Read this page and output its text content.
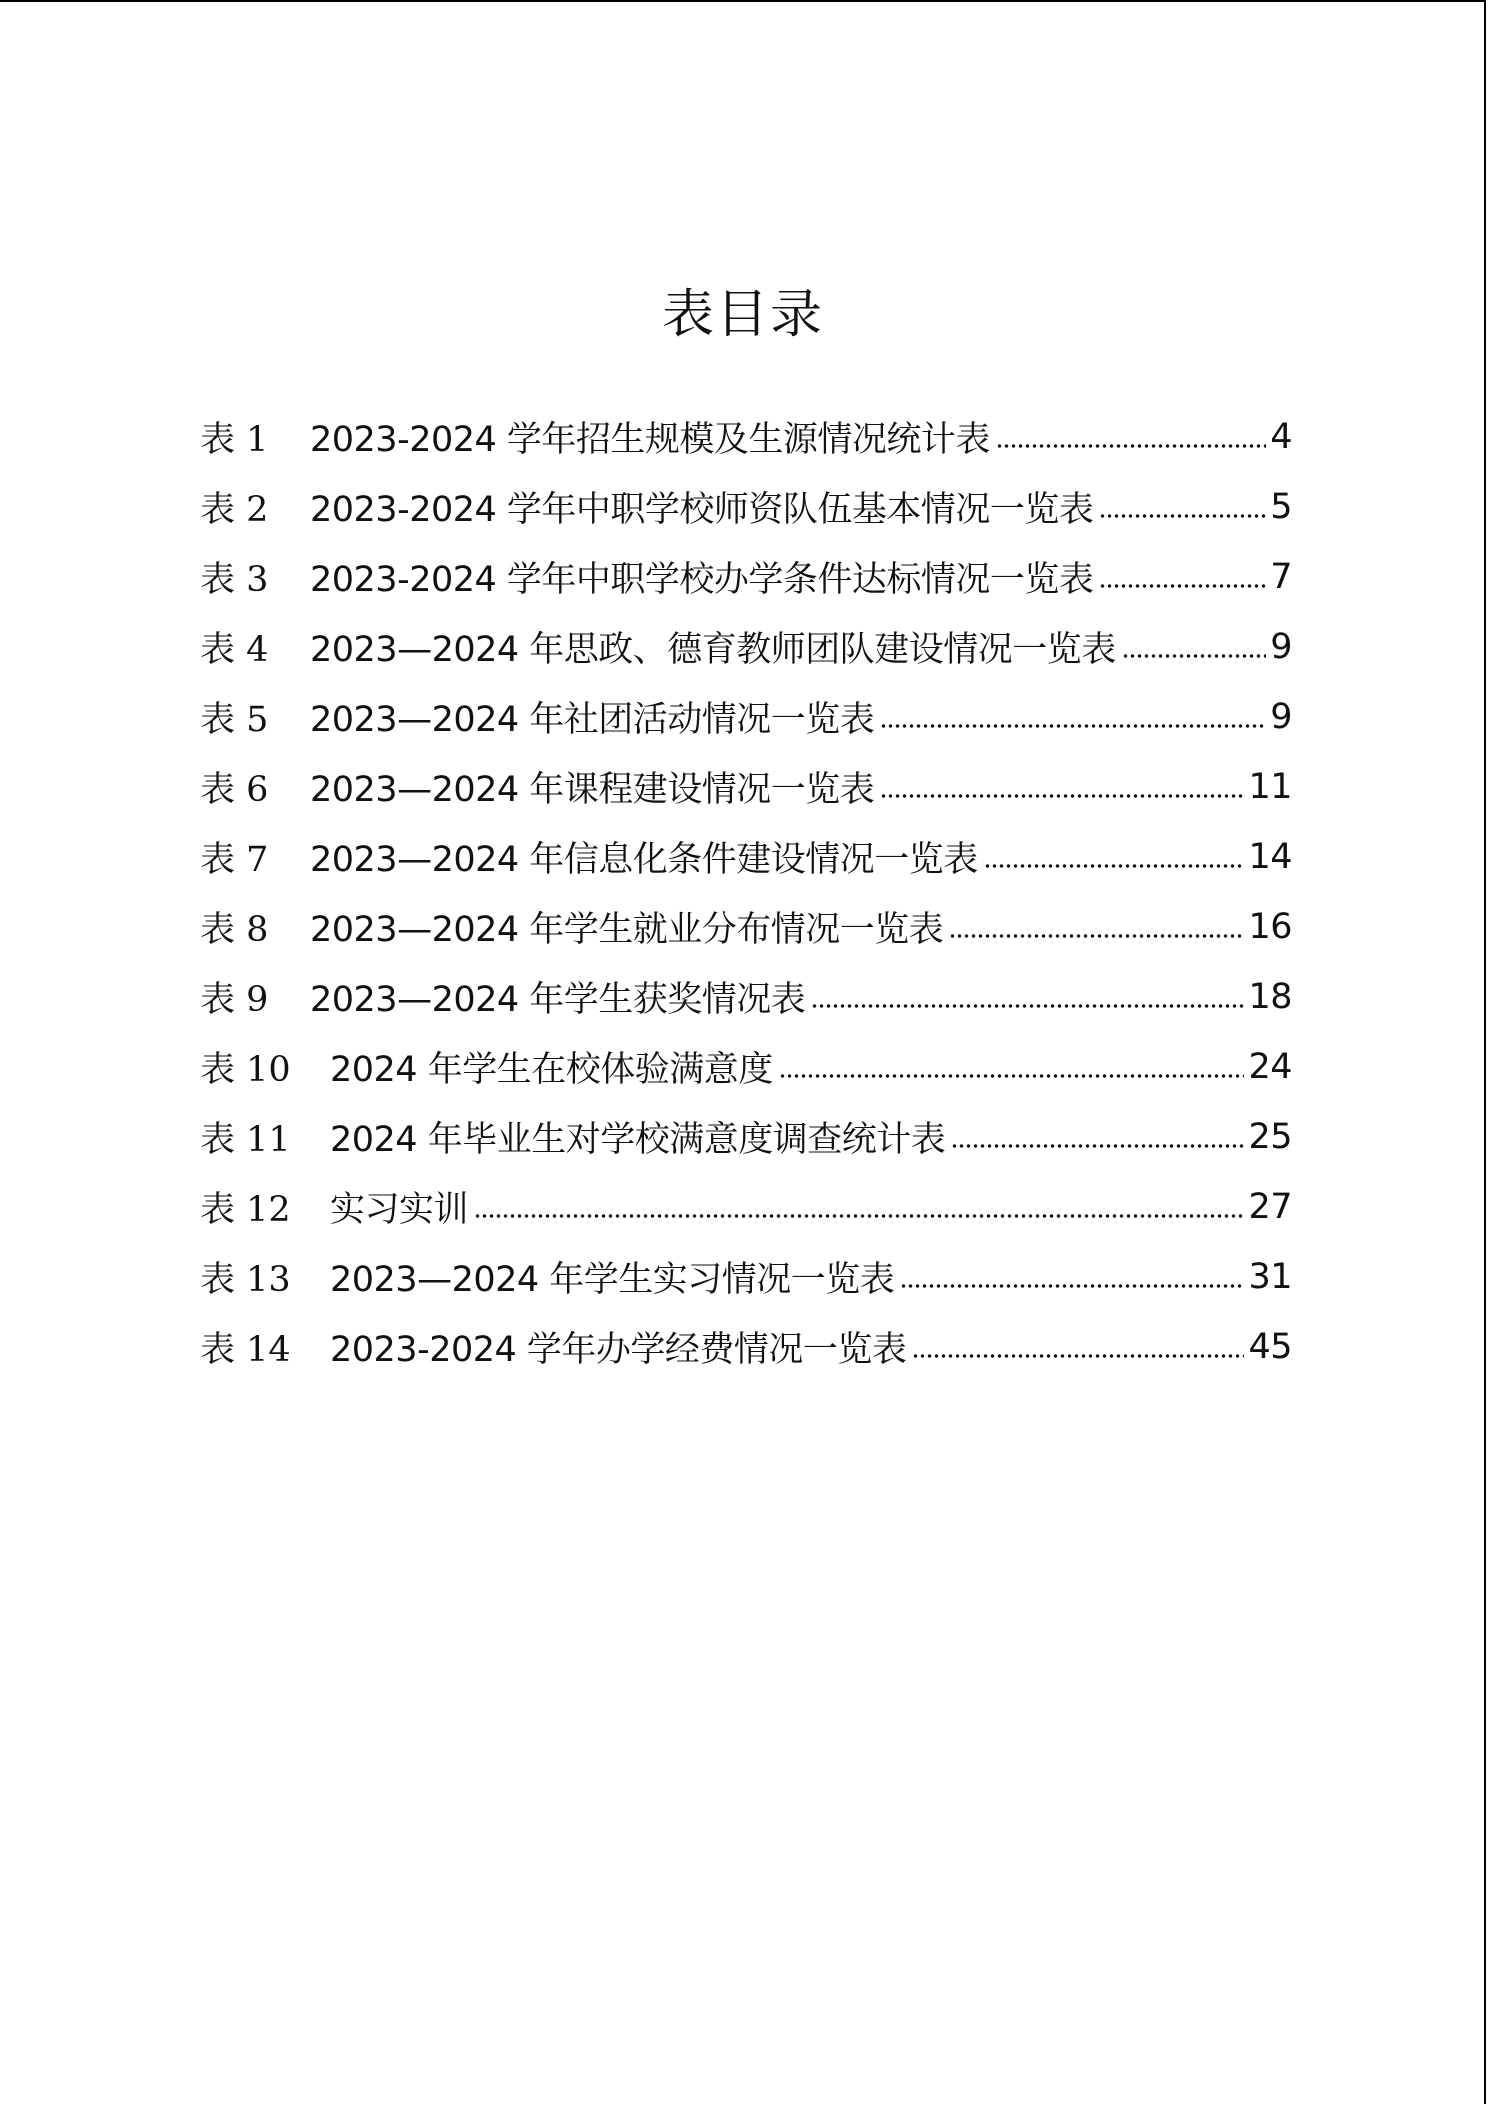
表目录
表 1	2023-2024 学年招生规模及生源情况统计表	4
表 2	2023-2024 学年中职学校师资队伍基本情况一览表	5
表 3	2023-2024 学年中职学校办学条件达标情况一览表	7
表 4	2023—2024 年思政、德育教师团队建设情况一览表	9
表 5	2023—2024 年社团活动情况一览表	9
表 6	2023—2024 年课程建设情况一览表	11
表 7	2023—2024 年信息化条件建设情况一览表	14
表 8	2023—2024 年学生就业分布情况一览表	16
表 9	2023—2024 年学生获奖情况表	18
表 10	2024 年学生在校体验满意度	24
表 11	2024 年毕业生对学校满意度调查统计表	25
表 12	实习实训	27
表 13	2023—2024 年学生实习情况一览表	31
表 14	2023-2024 学年办学经费情况一览表	45
